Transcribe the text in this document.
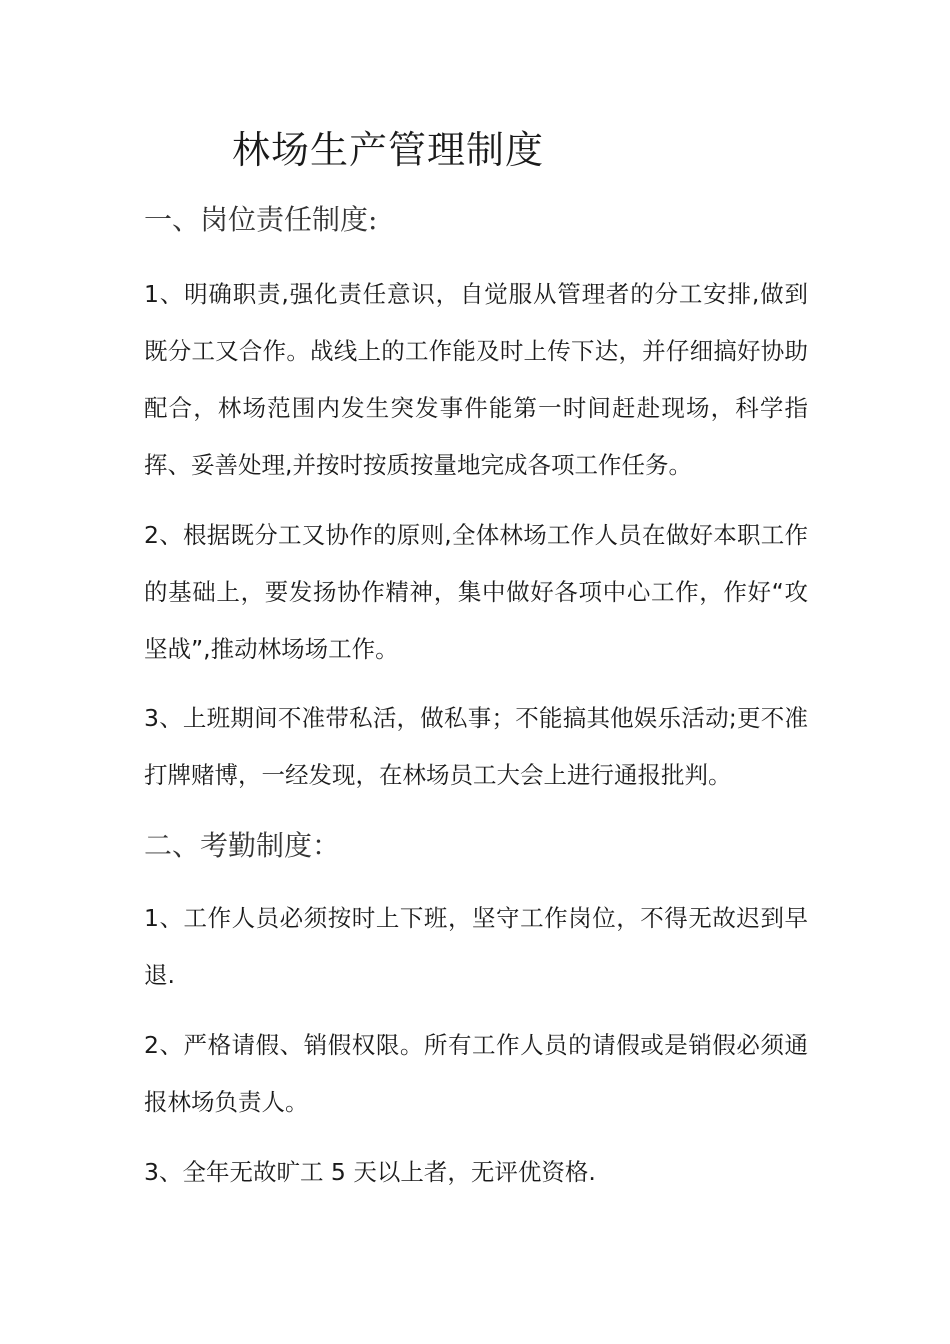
林场生产管理制度
一、岗位责任制度:
1、明确职责,强化责任意识，自觉服从管理者的分工安排,做到既分工又合作。战线上的工作能及时上传下达，并仔细搞好协助配合，林场范围内发生突发事件能第一时间赶赴现场，科学指挥、妥善处理,并按时按质按量地完成各项工作任务。
2、根据既分工又协作的原则,全体林场工作人员在做好本职工作的基础上，要发扬协作精神，集中做好各项中心工作，作好“攻坚战”,推动林场场工作。
3、上班期间不准带私活，做私事；不能搞其他娱乐活动;更不准打牌赌博，一经发现，在林场员工大会上进行通报批判。
二、考勤制度：
1、工作人员必须按时上下班，坚守工作岗位，不得无故迟到早退.
2、严格请假、销假权限。所有工作人员的请假或是销假必须通报林场负责人。
3、全年无故旷工 5 天以上者，无评优资格.
